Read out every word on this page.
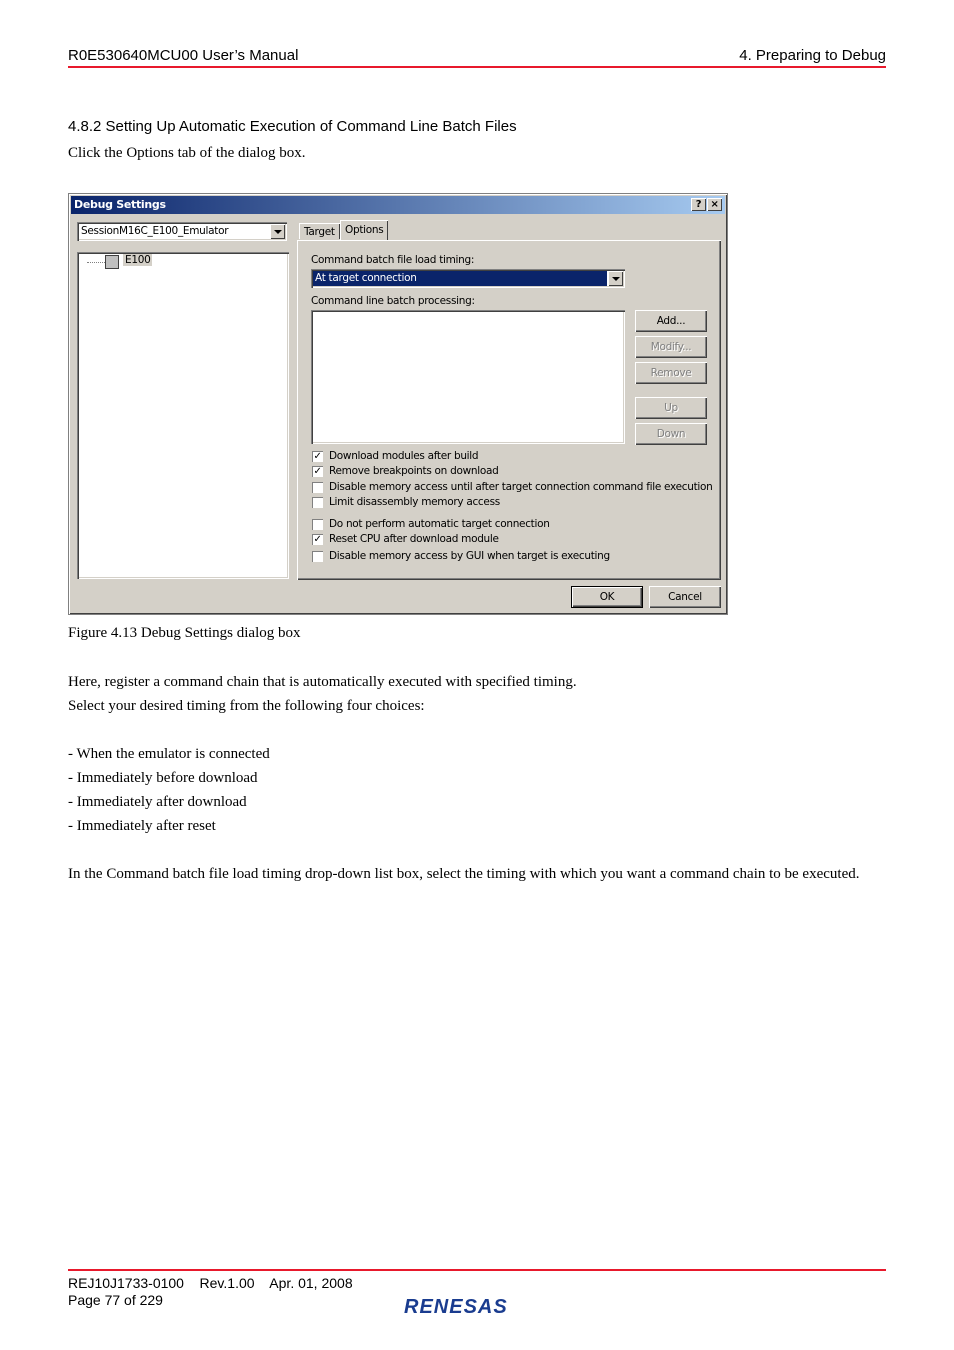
R0E530640MCU00 User’s Manual	4. Preparing to Debug
4.8.2 Setting Up Automatic Execution of Command Line Batch Files
Click the Options tab of the dialog box.
Debug Settings	? ×
SessionM16C_E100_Emulator
E100
Target Options
Command batch file load timing:
At target connection
Command line batch processing:
Add...
Modify...
Remove
Up
Down
✓ Download modules after build
✓ Remove breakpoints on download
Disable memory access until after target connection command file execution
Limit disassembly memory access
Do not perform automatic target connection
✓ Reset CPU after download module
Disable memory access by GUI when target is executing
OK	Cancel
Figure 4.13 Debug Settings dialog box
Here, register a command chain that is automatically executed with specified timing.
Select your desired timing from the following four choices:
- When the emulator is connected
- Immediately before download
- Immediately after download
- Immediately after reset
In the Command batch file load timing drop-down list box, select the timing with which you want a command chain to be executed.
REJ10J1733-0100    Rev.1.00    Apr. 01, 2008
Page 77 of 229	RENESAS
